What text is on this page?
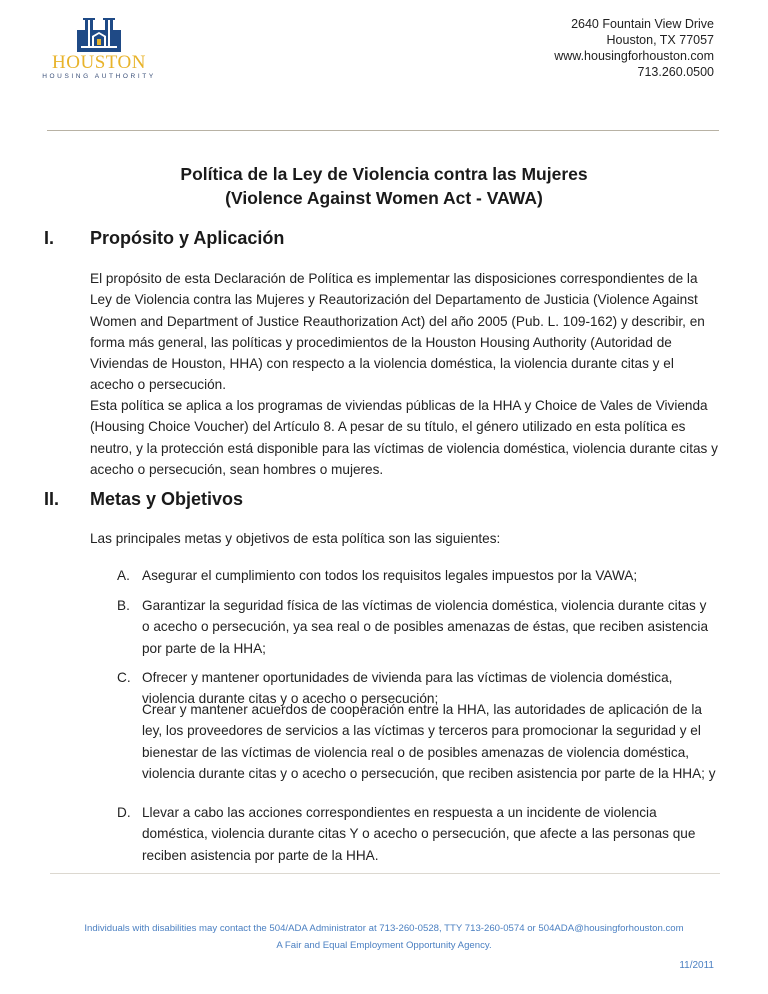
HOUSTON
HOUSING AUTHORITY
2640 Fountain View Drive
Houston, TX 77057
www.housingforhouston.com
713.260.0500
Política de la Ley de Violencia contra las Mujeres
(Violence Against Women Act - VAWA)
I. Propósito y Aplicación
El propósito de esta Declaración de Política es implementar las disposiciones correspondientes de la Ley de Violencia contra las Mujeres y Reautorización del Departamento de Justicia (Violence Against Women and Department of Justice Reauthorization Act) del año 2005 (Pub. L. 109-162) y describir, en forma más general, las políticas y procedimientos de la Houston Housing Authority (Autoridad de Viviendas de Houston, HHA) con respecto a la violencia doméstica, la violencia durante citas y el acecho o persecución.
Esta política se aplica a los programas de viviendas públicas de la HHA y Choice de Vales de Vivienda (Housing Choice Voucher) del Artículo 8. A pesar de su título, el género utilizado en esta política es neutro, y la protección está disponible para las víctimas de violencia doméstica, violencia durante citas y acecho o persecución, sean hombres o mujeres.
II. Metas y Objetivos
Las principales metas y objetivos de esta política son las siguientes:
A. Asegurar el cumplimiento con todos los requisitos legales impuestos por la VAWA;
B. Garantizar la seguridad física de las víctimas de violencia doméstica, violencia durante citas y o acecho o persecución, ya sea real o de posibles amenazas de éstas, que reciben asistencia por parte de la HHA;
C. Ofrecer y mantener oportunidades de vivienda para las víctimas de violencia doméstica, violencia durante citas y o acecho o persecución;
Crear y mantener acuerdos de cooperación entre la HHA, las autoridades de aplicación de la ley, los proveedores de servicios a las víctimas y terceros para promocionar la seguridad y el bienestar de las víctimas de violencia real o de posibles amenazas de violencia doméstica, violencia durante citas y o acecho o persecución, que reciben asistencia por parte de la HHA; y
D. Llevar a cabo las acciones correspondientes en respuesta a un incidente de violencia doméstica, violencia durante citas Y o acecho o persecución, que afecte a las personas que reciben asistencia por parte de la HHA.
Individuals with disabilities may contact the 504/ADA Administrator at 713-260-0528, TTY 713-260-0574 or 504ADA@housingforhouston.com
A Fair and Equal Employment Opportunity Agency.
11/2011
